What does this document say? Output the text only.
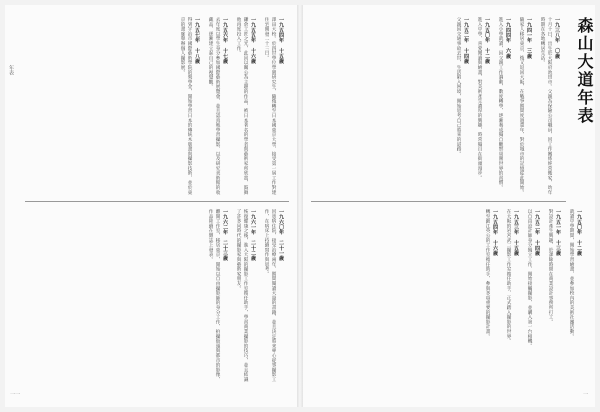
年表
一一
一九五四年　十五歲
澤田大校。於四世學位學園研究生，隨後轉至日本國東京大學，接受第一屆工作對建住宅開發二十三日。
一九五五年　十六歲
鎌倉工匠之光，此回以關公為主題的作品，被日本著名的學者與藝術家所欣賞，鼓舞他再度投入工作。
一九五六年　十七歲
去年度以學生身分參加國際藝術展覽會，並且認真地學習攝影，以及研究美術館的收藏品，逐漸建立起自己的視覺觀。
一九五七年　十八歲
得到宇治市國際藝術學院的獎學金，開始學習日本的傳統木版畫與攝影技術，並於東京的畫廊舉辦個人攝影展。
一九六〇年　二十一歲
因患病住院，接受治療兩年，期間閱讀大量的書籍，並且決定將來專心從事攝影工作，在病床上持續寫作與思考。
一九六一年　二十二歲
恢復健康之後，進入大阪的攝影工作室擔任助手，學習商業攝影的技巧，並且結識了許多同時代的攝影家與藝術家朋友。
一九六二年　二十三歲
離開工作室，移居東京，開始以自由攝影師的身分工作，拍攝街頭與都市的影像，作品陸續在雜誌上發表。
森山大道年表
一
一九三八年　〇歲
十月十日，出生於大阪府池田市。父親為保險公司職員，因工作關係經常搬家，幼年時期在各地轉居生活。
一九四一年　三歲
隨家人移居東京，後又返回大阪，在戰爭期間度過童年，對於城市的記憶從此開始。
一九四四年　六歲
進入小學就讀，因父親工作調動，數度轉學，逐漸養成獨自觀察周圍世界的習慣。
一九五〇年　十二歲
進入中學，喜愛閱讀與繪畫，對美術產生濃厚的興趣，時常獨自在街頭漫步。
一九五二年　十四歲
父親因交通事故去世，生活陷入困境，開始思考自己將來的道路。
一九五〇年　十二歲
就讀中學期間，開始學習繪畫，並參加校內的美術社團活動。
一九五一年　十三歲
對設計產生興趣，於課餘時間在商業設計事務所打工。
一九五二年　十四歲
以自由設計師身分獨立工作，開始接觸攝影，並購入第一台相機。
一九五三年　十五歲
在大阪的岩宮武二攝影工作室擔任助手，正式踏入攝影的世界。
一九五四年　十六歲
轉至細江英公的工作室擔任助手，參與多項重要的攝影計畫。
